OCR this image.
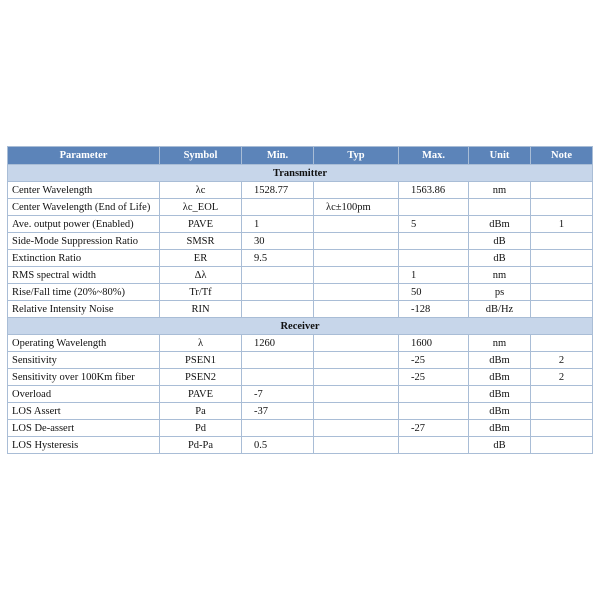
Parameter	Symbol	Min.	Typ	Max.	Unit	Note
Transmitter						
Center Wavelength	λc	1528.77		1563.86	nm	
Center Wavelength (End of Life)	λc_EOL		λc±100pm			
Ave. output power (Enabled)	PAVE	1		5	dBm	1
Side-Mode Suppression Ratio	SMSR	30			dB	
Extinction Ratio	ER	9.5			dB	
RMS spectral width	Δλ			1	nm	
Rise/Fall time (20%~80%)	Tr/Tf			50	ps	
Relative Intensity Noise	RIN			-128	dB/Hz	
Receiver						
Operating Wavelength	λ	1260		1600	nm	
Sensitivity	PSEN1			-25	dBm	2
Sensitivity over 100Km fiber	PSEN2			-25	dBm	2
Overload	PAVE	-7			dBm	
LOS Assert	Pa	-37			dBm	
LOS De-assert	Pd			-27	dBm	
LOS Hysteresis	Pd-Pa	0.5			dB	
